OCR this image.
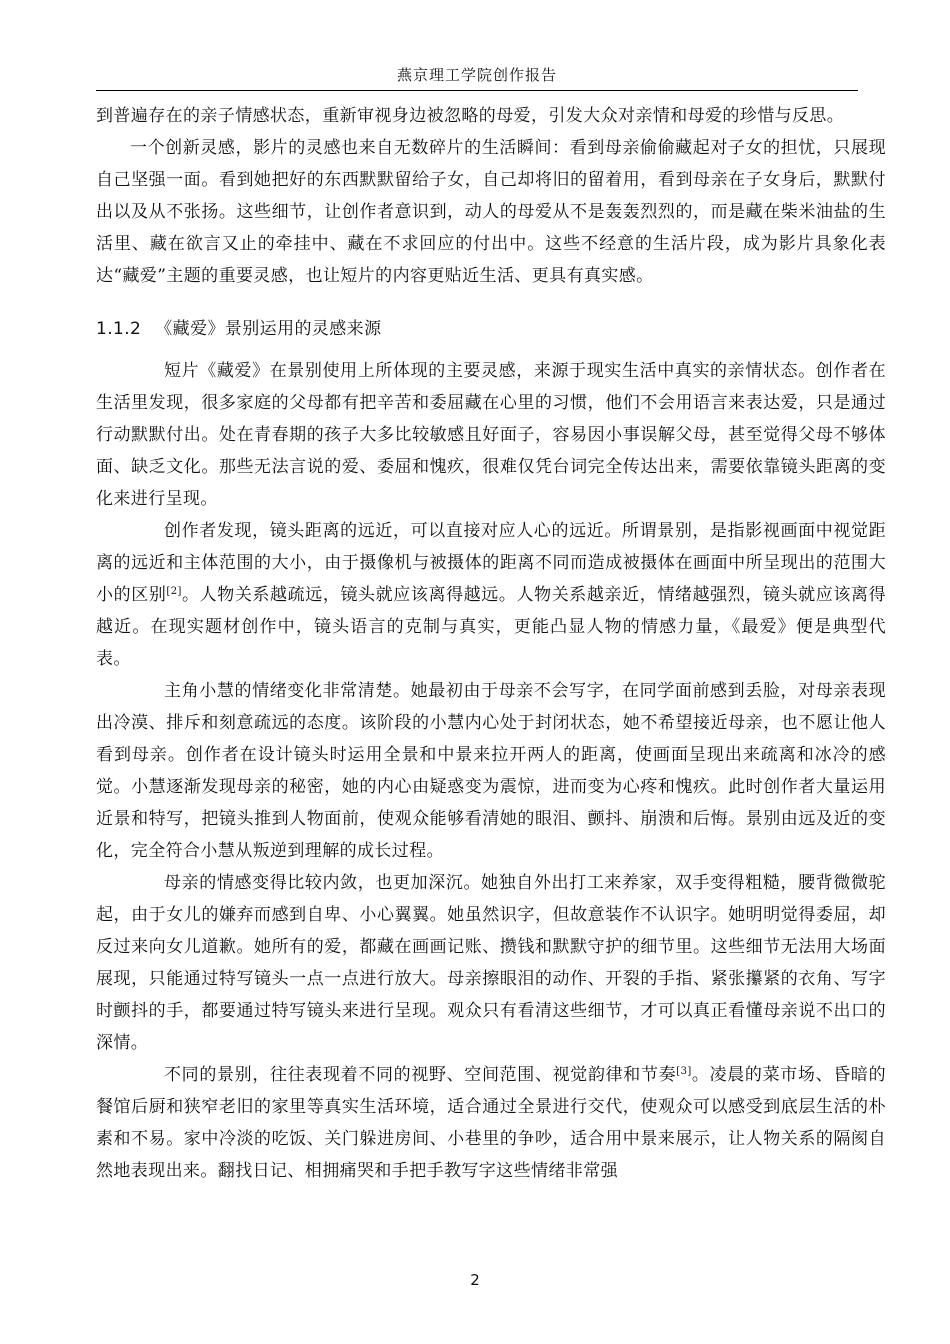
燕京理工学院创作报告

到普遍存在的亲子情感状态，重新审视身边被忽略的母爱，引发大众对亲情和母爱的珍惜与反思。

一个创新灵感，影片的灵感也来自无数碎片的生活瞬间：看到母亲偷偷藏起对子女的担忧，只展现自己坚强一面。看到她把好的东西默默留给子女，自己却将旧的留着用，看到母亲在子女身后，默默付出以及从不张扬。这些细节，让创作者意识到，动人的母爱从不是轰轰烈烈的，而是藏在柴米油盐的生活里、藏在欲言又止的牵挂中、藏在不求回应的付出中。这些不经意的生活片段，成为影片具象化表达“藏爱”主题的重要灵感，也让短片的内容更贴近生活、更具有真实感。

1.1.2 《藏爱》景别运用的灵感来源

短片《藏爱》在景别使用上所体现的主要灵感，来源于现实生活中真实的亲情状态。创作者在生活里发现，很多家庭的父母都有把辛苦和委屈藏在心里的习惯，他们不会用语言来表达爱，只是通过行动默默付出。处在青春期的孩子大多比较敏感且好面子，容易因小事误解父母，甚至觉得父母不够体面、缺乏文化。那些无法言说的爱、委屈和愧疚，很难仅凭台词完全传达出来，需要依靠镜头距离的变化来进行呈现。

创作者发现，镜头距离的远近，可以直接对应人心的远近。所谓景别，是指影视画面中视觉距离的远近和主体范围的大小，由于摄像机与被摄体的距离不同而造成被摄体在画面中所呈现出的范围大小的区别[2]。人物关系越疏远，镜头就应该离得越远。人物关系越亲近，情绪越强烈，镜头就应该离得越近。在现实题材创作中，镜头语言的克制与真实，更能凸显人物的情感力量，《最爱》便是典型代表。

主角小慧的情绪变化非常清楚。她最初由于母亲不会写字，在同学面前感到丢脸，对母亲表现出冷漠、排斥和刻意疏远的态度。该阶段的小慧内心处于封闭状态，她不希望接近母亲，也不愿让他人看到母亲。创作者在设计镜头时运用全景和中景来拉开两人的距离，使画面呈现出来疏离和冰冷的感觉。小慧逐渐发现母亲的秘密，她的内心由疑惑变为震惊，进而变为心疼和愧疚。此时创作者大量运用近景和特写，把镜头推到人物面前，使观众能够看清她的眼泪、颤抖、崩溃和后悔。景别由远及近的变化，完全符合小慧从叛逆到理解的成长过程。

母亲的情感变得比较内敛，也更加深沉。她独自外出打工来养家，双手变得粗糙，腰背微微驼起，由于女儿的嫌弃而感到自卑、小心翼翼。她虽然识字，但故意装作不认识字。她明明觉得委屈，却反过来向女儿道歉。她所有的爱，都藏在画画记账、攒钱和默默守护的细节里。这些细节无法用大场面展现，只能通过特写镜头一点一点进行放大。母亲擦眼泪的动作、开裂的手指、紧张攥紧的衣角、写字时颤抖的手，都要通过特写镜头来进行呈现。观众只有看清这些细节，才可以真正看懂母亲说不出口的深情。

不同的景别，往往表现着不同的视野、空间范围、视觉韵律和节奏[3]。凌晨的菜市场、昏暗的餐馆后厨和狭窄老旧的家里等真实生活环境，适合通过全景进行交代，使观众可以感受到底层生活的朴素和不易。家中冷淡的吃饭、关门躲进房间、小巷里的争吵，适合用中景来展示，让人物关系的隔阂自然地表现出来。翻找日记、相拥痛哭和手把手教写字这些情绪非常强

2
